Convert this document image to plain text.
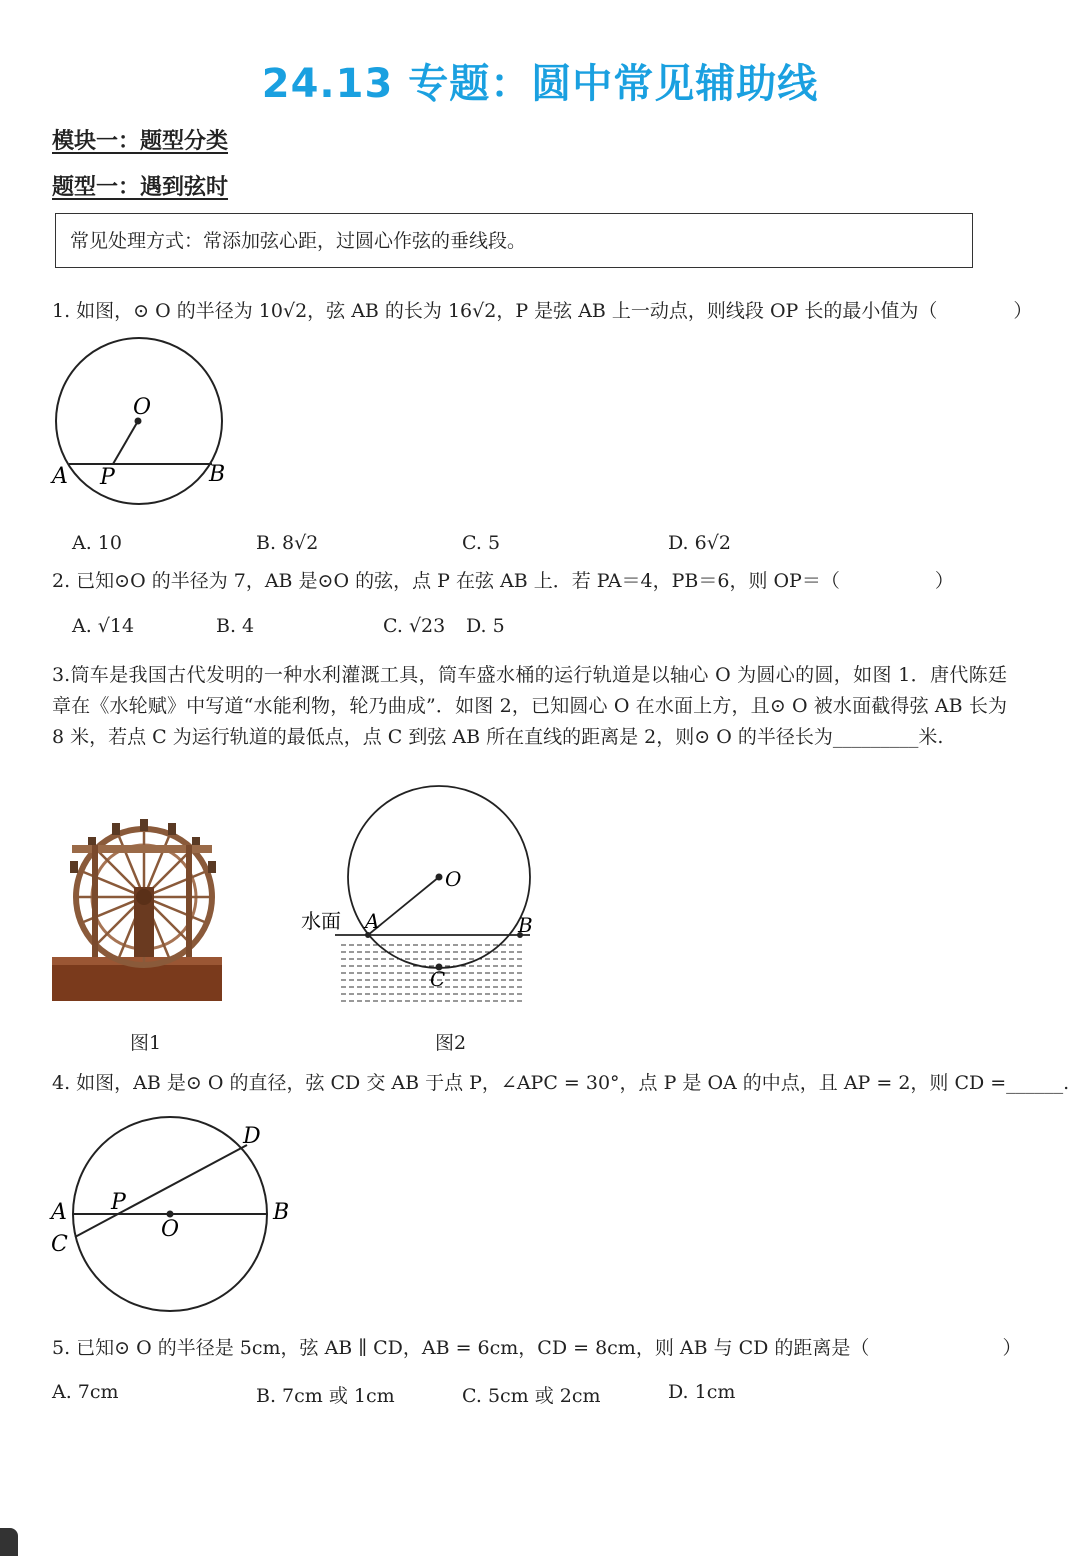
24.13 专题：圆中常见辅助线
模块一：题型分类
题型一：遇到弦时
常见处理方式：常添加弦心距，过圆心作弦的垂线段。
1. 如图，⊙ O 的半径为 10√2，弦 AB 的长为 16√2，P 是弦 AB 上一动点，则线段 OP 长的最小值为（　　　　）
O
A P	B
A. 10	B. 8√2	C. 5	D. 6√2
2. 已知⊙O 的半径为 7，AB 是⊙O 的弦，点 P 在弦 AB 上．若 PA＝4，PB＝6，则 OP＝（　　　　　）
A. √14	B. 4	C. √23 D. 5
3.筒车是我国古代发明的一种水利灌溉工具，筒车盛水桶的运行轨道是以轴心 O 为圆心的圆，如图 1．唐代陈廷章在《水轮赋》中写道“水能利物，轮乃曲成”．如图 2，已知圆心 O 在水面上方，且⊙ O 被水面截得弦 AB 长为 8 米，若点 C 为运行轨道的最低点，点 C 到弦 AB 所在直线的距离是 2，则⊙ O 的半径长为_________米.
图1
水面 A
O
B
C
图2
4. 如图，AB 是⊙ O 的直径，弦 CD 交 AB 于点 P，∠APC = 30°，点 P 是 OA 的中点，且 AP = 2，则 CD =______.
D
A P
O
B
C
5. 已知⊙ O 的半径是 5cm，弦 AB ∥ CD，AB = 6cm，CD = 8cm，则 AB 与 CD 的距离是（　　　　　　　）
A. 7cm	B. 7cm 或 1cm	C. 5cm 或 2cm	D. 1cm
